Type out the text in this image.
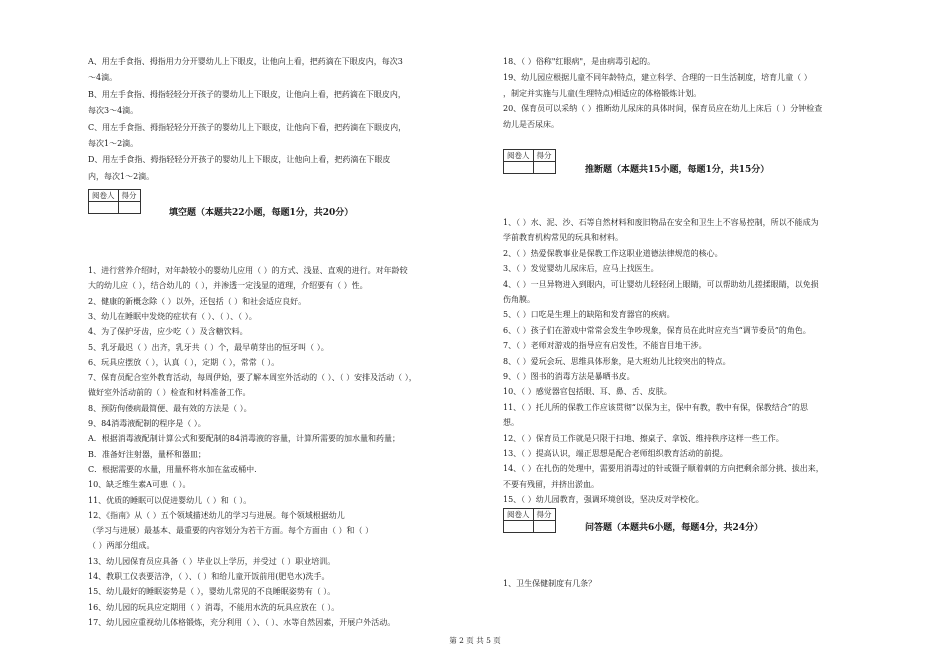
A、用左手食指、拇指用力分开婴幼儿上下眼皮，让他向上看，把药滴在下眼皮内，每次3
～4滴。
B、用左手食指、拇指轻轻分开孩子的婴幼儿上下眼皮，让他向上看，把药滴在下眼皮内，
每次3～4滴。
C、用左手食指、拇指轻轻分开孩子的婴幼儿上下眼皮，让他向下看，把药滴在下眼皮内，
每次1～2滴。
D、用左手食指、拇指轻轻分开孩子的婴幼儿上下眼皮，让他向上看，把药滴在下眼皮
内，每次1～2滴。
阅卷人	得分

填空题（本题共22小题，每题1分，共20分）
1、进行营养介绍时，对年龄较小的婴幼儿应用（ ）的方式、浅显、直观的进行。对年龄较
大的幼儿应（ ），结合幼儿的（ ），并渗透一定浅显的道理，介绍要有（ ）性。
2、健康的新概念除（ ）以外，还包括（ ）和社会适应良好。
3、幼儿在睡眠中发烧的症状有（ ）、（ ）、（ ）。
4、为了保护牙齿，应少吃（ ）及含糖饮料。
5、乳牙最迟（ ）出齐，乳牙共（ ）个，最早萌芽出的恒牙叫（ ）。
6、玩具应摆放（ ），认真（ ），定期（ ），常常（ ）。
7、保育员配合室外教育活动，每周伊始，要了解本周室外活动的（ ）、（ ）安排及活动（ ），
做好室外活动前的（ ）检查和材料准备工作。
8、预防佝偻病最简便、最有效的方法是（ ）。
9、84消毒液配制的程序是（ ）。
A．根据消毒液配制计算公式和要配制的84消毒液的容量，计算所需要的加水量和药量；
B．准备好注射器，量杯和器皿；
C．根据需要的水量，用量杯将水加在盆或桶中.
10、缺乏维生素A可患（ ）。
11、优质的睡眠可以促进婴幼儿（ ）和（ ）。
12、《指南》从（ ）五个领域描述幼儿的学习与进展。每个领域根据幼儿
（学习与进展）最基本、最重要的内容划分为若干方面。每个方面由（ ）和（ ）
（ ）两部分组成。
13、幼儿园保育员应具备（ ）毕业以上学历，并受过（ ）职业培训。
14、教职工仪表要洁净，（ ）、（ ）和给儿童开饭前用(肥皂水)洗手。
15、幼儿最好的睡眠姿势是（ ），婴幼儿常见的不良睡眠姿势有（ ）。
16、幼儿园的玩具应定期用（ ）消毒，不能用水洗的玩具应放在（ ）。
17、幼儿园应重视幼儿体格锻炼，充分利用（ ）、（ ）、水等自然因素，开展户外活动。
18、（ ）俗称"红眼病"，是由病毒引起的。
19、幼儿园应根据儿童不同年龄特点，建立科学、合理的一日生活制度，培育儿童（ ）
，制定并实施与儿童(生理特点)相适应的体格锻炼计划。
20、保育员可以采纳（ ）推断幼儿尿床的具体时间，保育员应在幼儿上床后（ ）分钟检查
幼儿是否尿床。
阅卷人	得分

推断题（本题共15小题，每题1分，共15分）
1、（ ）水、泥、沙、石等自然材料和废旧物品在安全和卫生上不容易控制，所以不能成为
学前教育机构常见的玩具和材料。
2、（ ）热爱保教事业是保教工作这职业道德法律规范的核心。
3、（ ）发觉婴幼儿尿床后，应马上找医生。
4、（ ）一旦异物进入到眼内，可让婴幼儿轻轻闭上眼睛，可以帮助幼儿搓揉眼睛，以免损
伤角膜。
5、（ ）口吃是生理上的缺陷和发育器官的疾病。
6、（ ）孩子们在游戏中常常会发生争吵现象，保育员在此时应充当“调节委员”的角色。
7、（ ）老师对游戏的指导应有启发性，不能盲目地干涉。
8、（ ）爱玩会玩、思维具体形象，是大班幼儿比较突出的特点。
9、（ ）图书的消毒方法是暴晒书皮。
10、（ ）感觉器官包括眼、耳、鼻、舌、皮肤。
11、（ ）托儿所的保教工作应该贯彻“以保为主，保中有教，教中有保，保教结合”的思
想。
12、（ ）保育员工作就是只限于扫地、擦桌子、拿饭、维持秩序这样一些工作。
13、（ ）提高认识，端正思想是配合老师组织教育活动的前提。
14、（ ）在扎伤的处理中，需要用消毒过的针或镊子顺着刺的方向把剩余部分挑、拔出来，
不要有残留，并挤出淤血。
15、（ ）幼儿园教育，强调环境创设，坚决反对学校化。
阅卷人	得分

问答题（本题共6小题，每题4分，共24分）
1、卫生保健制度有几条？
第 2 页 共 5 页
